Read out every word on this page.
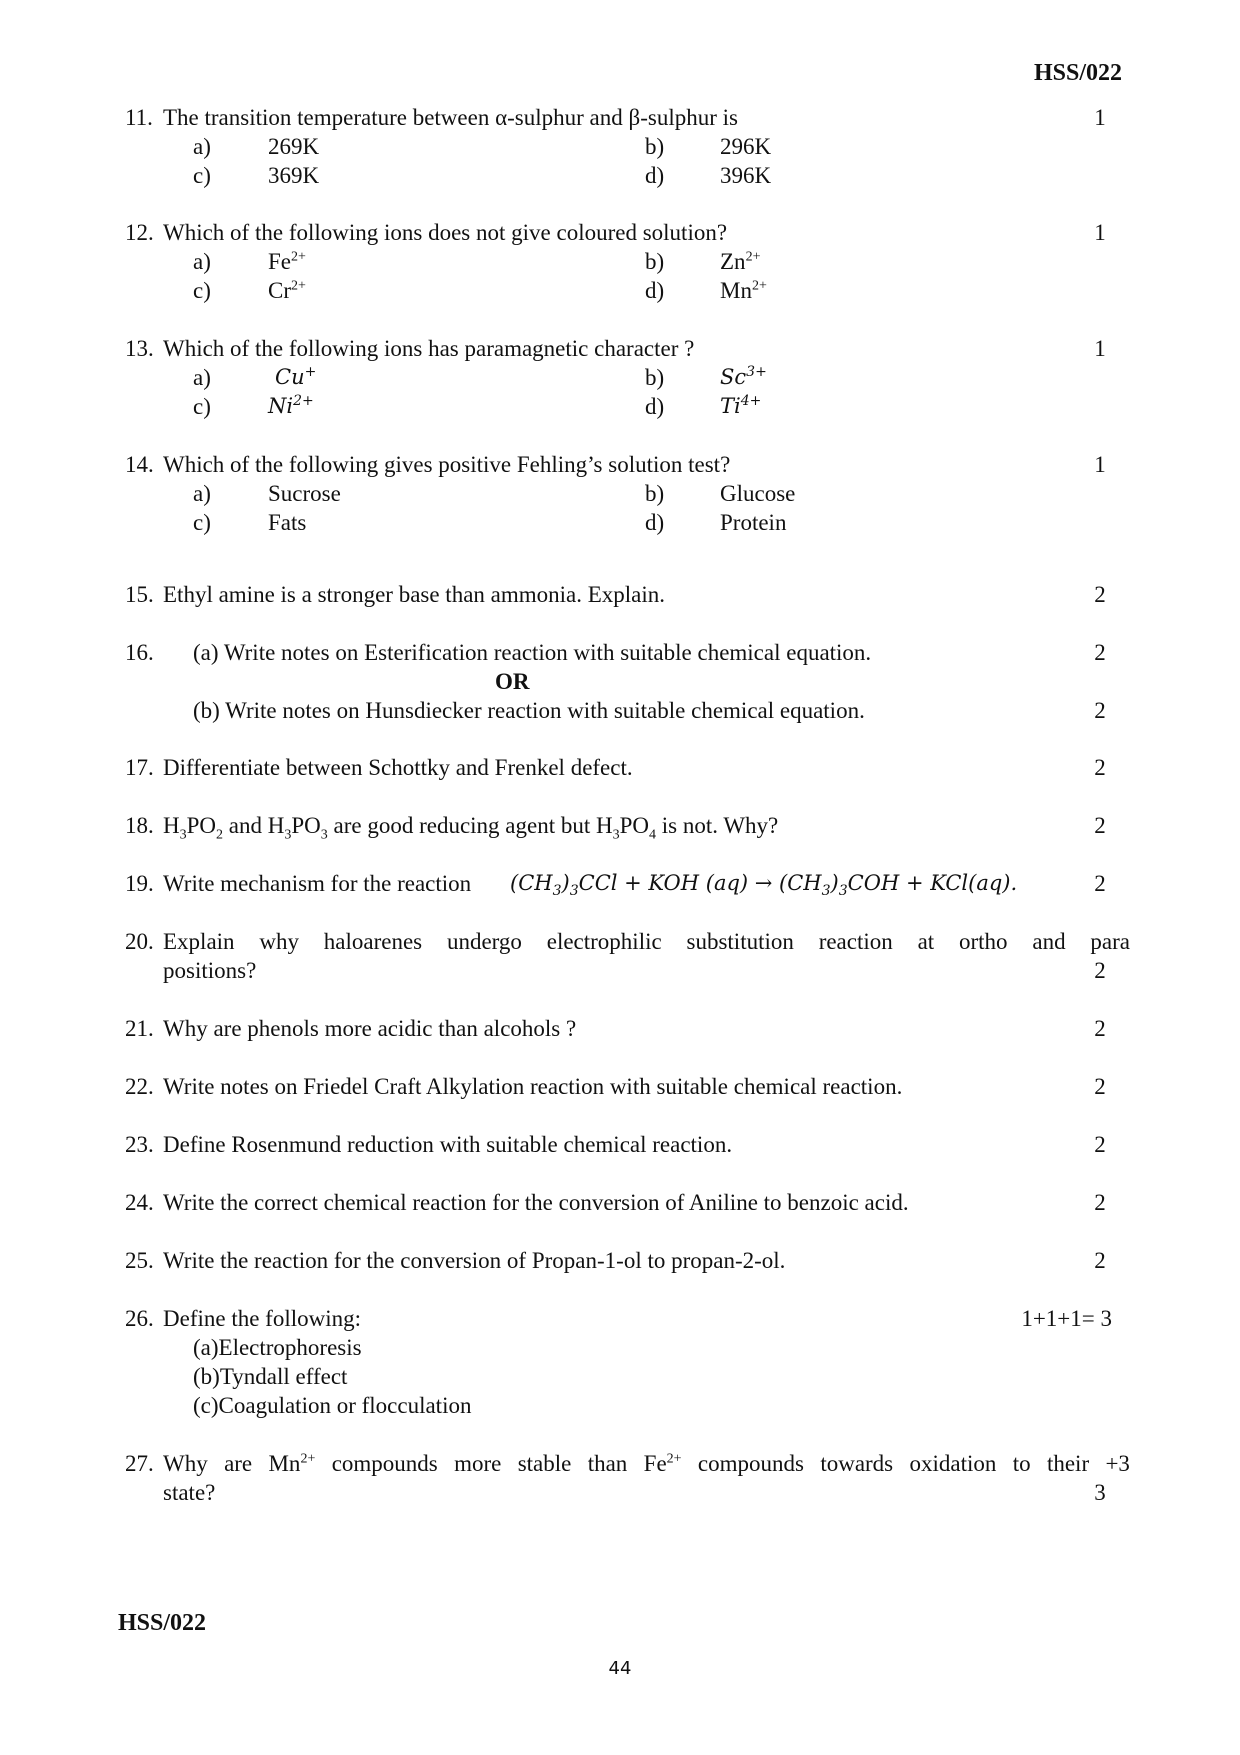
HSS/022
11. The transition temperature between α-sulphur and β-sulphur is	1
a) 269K	b) 296K
c) 369K	d) 396K
12. Which of the following ions does not give coloured solution?	1
a) $Fe^{2+}$	b) $Zn^{2+}$
c) $Cr^{2+}$	d) $Mn^{2+}$
13. Which of the following ions has paramagnetic character ?	1
a)	Cu+	b)	$Sc^{3+}$
c)	$Ni^{2+}$	d)	$Ti^{4+}$
14. Which of the following gives positive Fehling’s solution test?	1
a) Sucrose	b) Glucose
c) Fats	d) Protein
15. Ethyl amine is a stronger base than ammonia. Explain.	2
16. (a) Write notes on Esterification reaction with suitable chemical equation.	2
OR
(b) Write notes on Hunsdiecker reaction with suitable chemical equation.	2
17. Differentiate between Schottky and Frenkel defect.	2
18. $H_3PO_2$ and $H_3PO_3$ are good reducing agent but $H_3PO_4$ is not. Why?	2
19. Write mechanism for the reaction $(CH_3)_3CCl$ + KOH $(aq) \to (CH_3)_3COH + KCl(aq)$.	2
20. Explain why haloarenes undergo electrophilic substitution reaction at ortho and para
positions?	2
21. Why are phenols more acidic than alcohols ?	2
22. Write notes on Friedel Craft Alkylation reaction with suitable chemical reaction.	2
23. Define Rosenmund reduction with suitable chemical reaction.	2
24. Write the correct chemical reaction for the conversion of Aniline to benzoic acid.	2
25. Write the reaction for the conversion of Propan-1-ol to propan-2-ol.	2
26. Define the following:	1+1+1= 3
(a)Electrophoresis
(b)Tyndall effect
(c)Coagulation or flocculation
27. Why are $Mn^{2+}$ compounds more stable than $Fe^{2+}$ compounds towards oxidation to their +3
state?	3
HSS/022
44
